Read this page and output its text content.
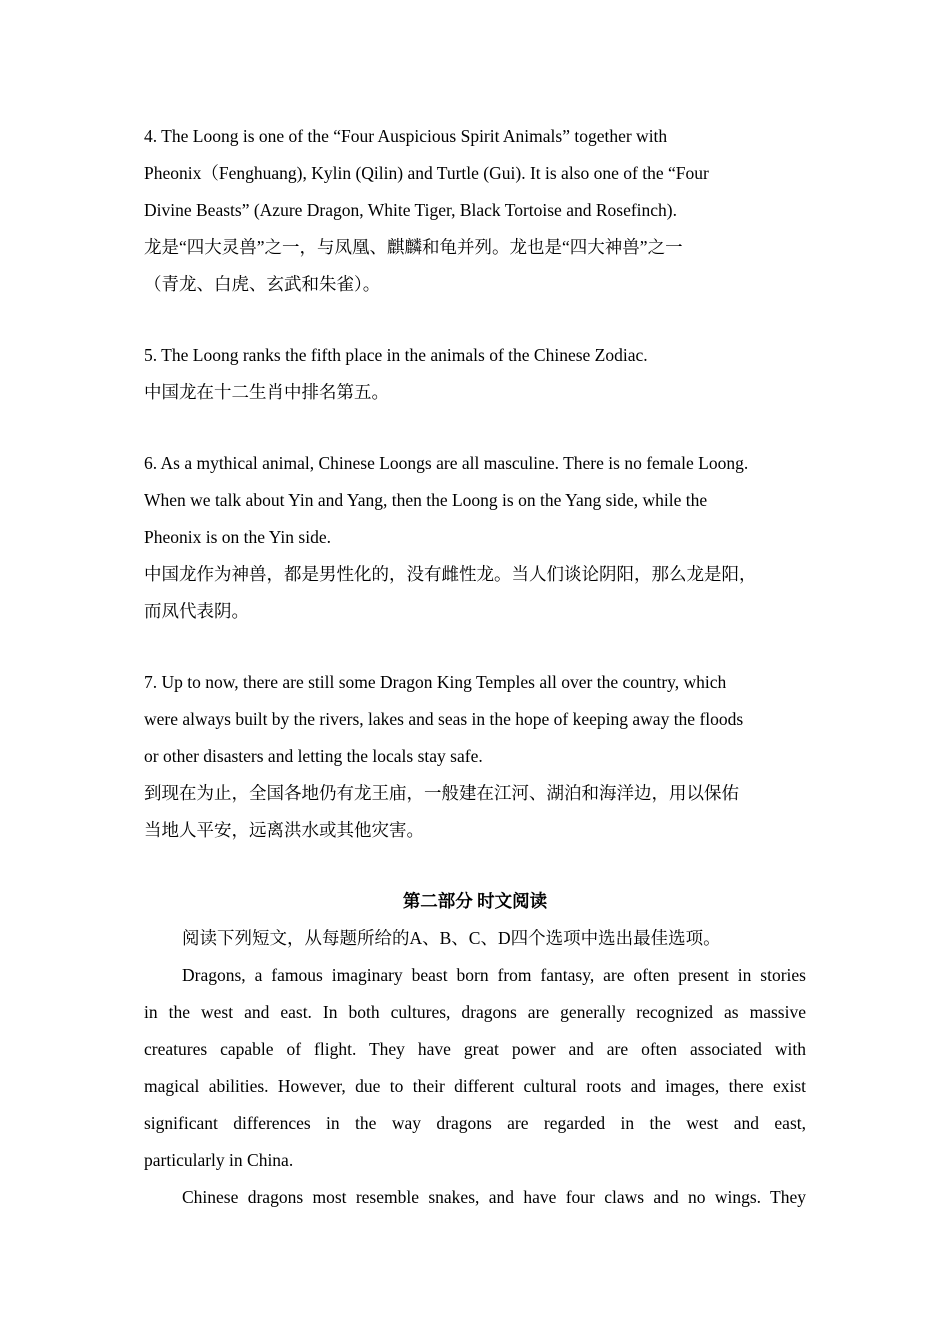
4. The Loong is one of the “Four Auspicious Spirit Animals” together with
Pheonix（Fenghuang), Kylin (Qilin) and Turtle (Gui). It is also one of the “Four
Divine Beasts” (Azure Dragon, White Tiger, Black Tortoise and Rosefinch).
龙是“四大灵兽”之一，与凤凰、麒麟和龟并列。龙也是“四大神兽”之一
（青龙、白虎、玄武和朱雀）。
5. The Loong ranks the fifth place in the animals of the Chinese Zodiac.
中国龙在十二生肖中排名第五。
6. As a mythical animal, Chinese Loongs are all masculine. There is no female Loong.
When we talk about Yin and Yang, then the Loong is on the Yang side, while the
Pheonix is on the Yin side.
中国龙作为神兽，都是男性化的，没有雌性龙。当人们谈论阴阳，那么龙是阳，
而凤代表阴。
7. Up to now, there are still some Dragon King Temples all over the country, which
were always built by the rivers, lakes and seas in the hope of keeping away the floods
or other disasters and letting the locals stay safe.
到现在为止，全国各地仍有龙王庙，一般建在江河、湖泊和海洋边，用以保佑
当地人平安，远离洪水或其他灾害。
第二部分 时文阅读
阅读下列短文，从每题所给的A、B、C、D四个选项中选出最佳选项。
Dragons, a famous imaginary beast born from fantasy, are often present in stories
in the west and east. In both cultures, dragons are generally recognized as massive
creatures capable of flight. They have great power and are often associated with
magical abilities. However, due to their different cultural roots and images, there exist
significant differences in the way dragons are regarded in the west and east,
particularly in China.
Chinese dragons most resemble snakes, and have four claws and no wings. They
